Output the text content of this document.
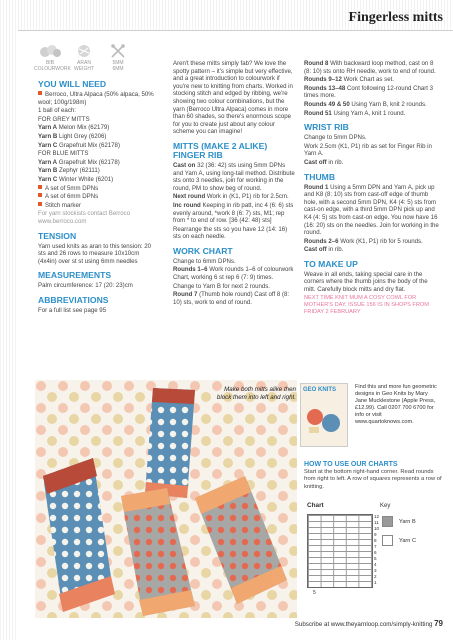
Fingerless mitts
BIB
COLOURWORK
ARAN
WEIGHT
5MM
6MM
YOU WILL NEED

Berroco, Ultra Alpaca (50% alpaca, 50% wool; 100g/198m)

1 ball of each:

FOR GREY MITTS

Yarn A Melon Mix (62179)

Yarn B Light Grey (6206)

Yarn C Grapefruit Mix (62178)

FOR BLUE MITTS

Yarn A Grapefruit Mix (62178)

Yarn B Zephyr (62111)

Yarn C Winter White (6201)

A set of 5mm DPNs

A set of 6mm DPNs

Stitch marker

For yarn stockists contact Berroco www.berroco.com

TENSION

Yarn used knits as aran to this tension: 20 sts and 26 rows to measure 10x10cm (4x4in) over st st using 6mm needles

MEASUREMENTS

Palm circumference: 17 (20: 23)cm

ABBREVIATIONS

For a full list see page 95

Aren't these mitts simply fab? We love the spotty pattern – it's simple but very effective, and a great introduction to colourwork if you're new to knitting from charts. Worked in stocking stitch and edged by ribbing, we're showing two colour combinations, but the yarn (Berroco Ultra Alpaca) comes in more than 60 shades, so there's enormous scope for you to create just about any colour scheme you can imagine!

MITTS (MAKE 2 ALIKE) FINGER RIB

Cast on 32 (36: 42) sts using 5mm DPNs and Yarn A, using long-tail method. Distribute sts onto 3 needles, join for working in the round, PM to show beg of round.

Next round Work in (K1, P1) rib for 2.5cm.

Inc round Keeping in rib patt, inc 4 (6: 6) sts evenly around, *work 8 (6: 7) sts, M1; rep from * to end of row. [36 (42: 48) sts]

Rearrange the sts so you have 12 (14: 16) sts on each needle.

WORK CHART

Change to 6mm DPNs.

Rounds 1–6 Work rounds 1–6 of colourwork Chart, working 6 st rep 6 (7: 9) times.

Change to Yarn B for next 2 rounds.

Round 7 (Thumb hole round) Cast off 8 (8: 10) sts, work to end of round.

Round 8 With backward loop method, cast on 8 (8: 10) sts onto RH needle, work to end of round.

Rounds 9–12 Work Chart as set.

Rounds 13–48 Cont following 12-round Chart 3 times more.

Rounds 49 & 50 Using Yarn B, knit 2 rounds.

Round 51 Using Yarn A, knit 1 round.

WRIST RIB

Change to 5mm DPNs.

Work 2.5cm (K1, P1) rib as set for Finger Rib in Yarn A.

Cast off in rib.

THUMB

Round 1 Using a 5mm DPN and Yarn A, pick up and K8 (8: 10) sts from cast-off edge of thumb hole, with a second 5mm DPN, K4 (4: 5) sts from cast-on edge, with a third 5mm DPN pick up and K4 (4: 5) sts from cast-on edge. You now have 16 (16: 20) sts on the needles. Join for working in the round.

Rounds 2–6 Work (K1, P1) rib for 5 rounds.

Cast off in rib.

TO MAKE UP

Weave in all ends, taking special care in the corners where the thumb joins the body of the mitt. Carefully block mitts and dry flat.

NEXT TIME KNIT MUM A COSY COWL FOR MOTHER'S DAY. ISSUE 156 IS IN SHOPS FROM FRIDAY 2 FEBRUARY

Make both mitts alike then block them into left and right.
GEO KNITS	Find this and more fun geometric designs in Geo Knits by Mary Jane Mucklestone (Apple Press, £12.99). Call 0207 700 6700 for info or visit www.quartoknows.com.
HOW TO USE OUR CHARTS
Start at the bottom right-hand corner. Read rounds from right to left. A row of squares represents a row of knitting.
Chart	Key
12
11
10
9
8
7
6
5
4
3
2
1
5
Yarn B
Yarn C
Subscribe at www.theyarnloop.com/simply-knitting 79
